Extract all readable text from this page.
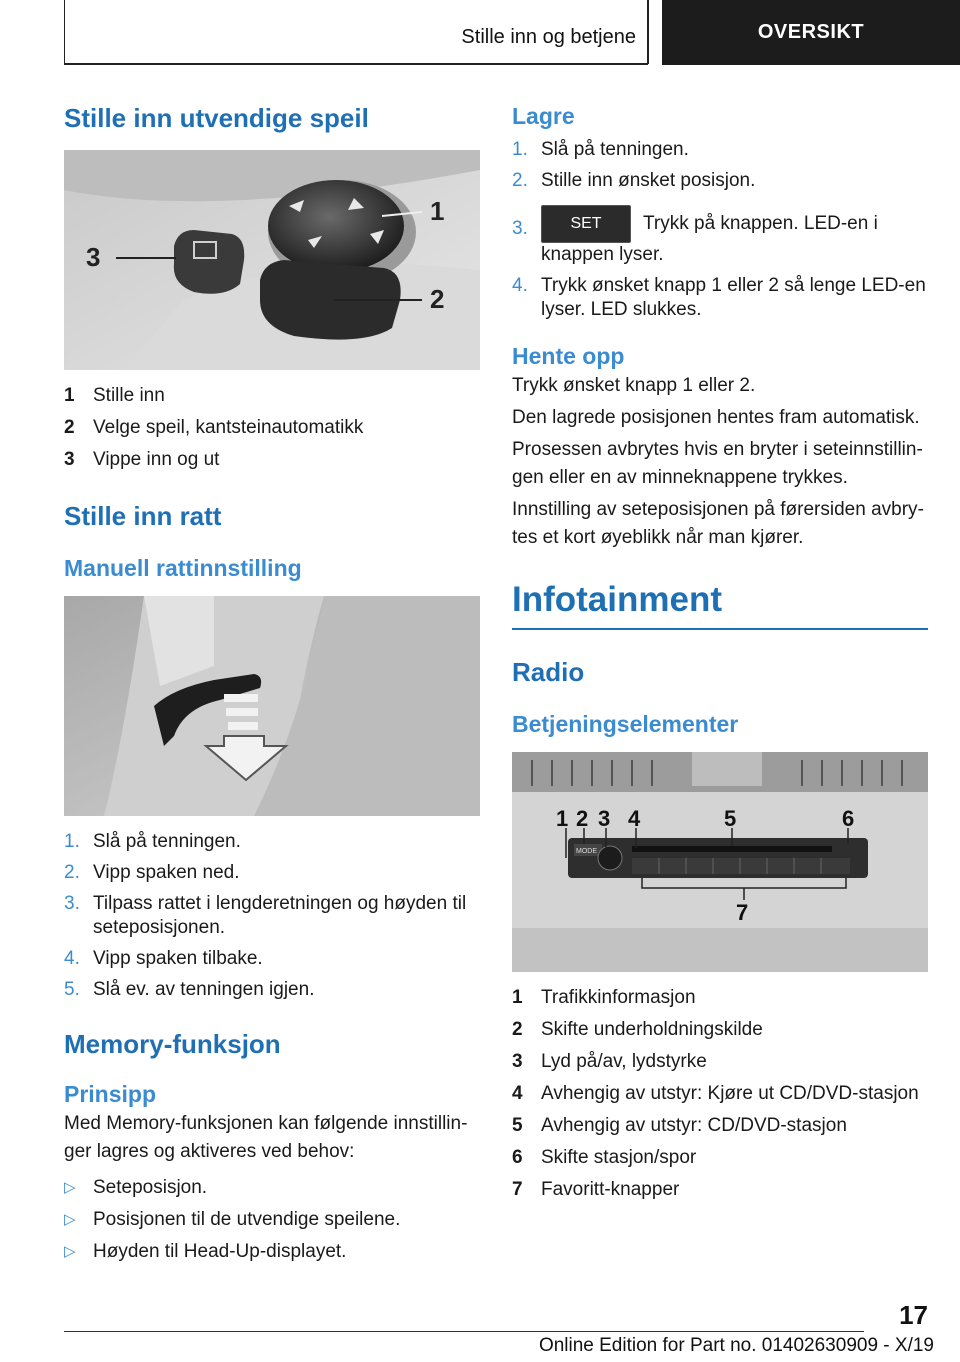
Stille inn og betjene	OVERSIKT
Stille inn utvendige speil
1
2
3
1 Stille inn
2 Velge speil, kantsteinautomatikk
3 Vippe inn og ut
Stille inn ratt
Manuell rattinnstilling
1. Slå på tenningen.
2. Vipp spaken ned.
3. Tilpass rattet i lengderetningen og høyden til seteposisjonen.
4. Vipp spaken tilbake.
5. Slå ev. av tenningen igjen.
Memory-funksjon
Prinsipp

Med Memory-funksjonen kan følgende innstillinger lagres og aktiveres ved behov:

▷ Seteposisjon.
▷ Posisjonen til de utvendige speilene.
▷ Høyden til Head-Up-displayet.
Lagre
1. Slå på tenningen.
2. Stille inn ønsket posisjon.
3.	SET Trykk på knappen. LED-en i knappen lyser.
4. Trykk ønsket knapp 1 eller 2 så lenge LED-en lyser. LED slukkes.
Hente opp

Trykk ønsket knapp 1 eller 2.

Den lagrede posisjonen hentes fram automatisk.

Prosessen avbrytes hvis en bryter i seteinnstillingen eller en av minneknappene trykkes.

Innstilling av seteposisjonen på førersiden avbrytes et kort øyeblikk når man kjører.

Infotainment
Radio
Betjeningselementer
MODE
1 2 3 4	5	6
7
1 Trafikkinformasjon
2 Skifte underholdningskilde
3 Lyd på/av, lydstyrke
4 Avhengig av utstyr: Kjøre ut CD/DVD-stasjon
5 Avhengig av utstyr: CD/DVD-stasjon
6 Skifte stasjon/spor
7 Favoritt-knapper
17
Online Edition for Part no. 01402630909 - X/19
